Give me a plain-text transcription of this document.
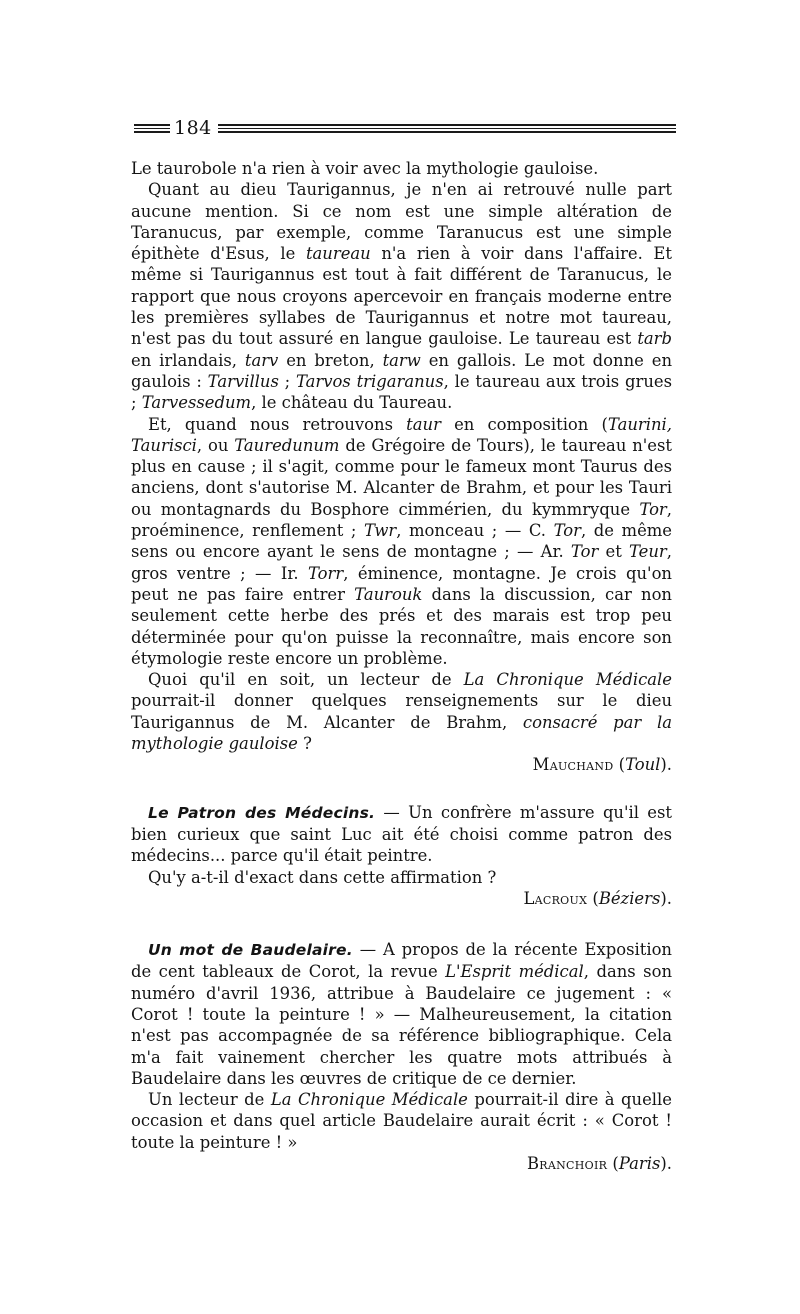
184

Le taurobole n'a rien à voir avec la mythologie gauloise.

Quant au dieu Taurigannus, je n'en ai retrouvé nulle part aucune mention. Si ce nom est une simple altération de Taranucus, par exemple, comme Taranucus est une simple épithète d'Esus, le taureau n'a rien à voir dans l'affaire. Et même si Taurigannus est tout à fait différent de Taranucus, le rapport que nous croyons apercevoir en français moderne entre les premières syllabes de Taurigannus et notre mot taureau, n'est pas du tout assuré en langue gauloise. Le taureau est tarb en irlandais, tarv en breton, tarw en gallois. Le mot donne en gaulois : Tarvillus ; Tarvos trigaranus, le taureau aux trois grues ; Tarvessedum, le château du Taureau.

Et, quand nous retrouvons taur en composition (Taurini, Taurisci, ou Tauredunum de Grégoire de Tours), le taureau n'est plus en cause ; il s'agit, comme pour le fameux mont Taurus des anciens, dont s'autorise M. Alcanter de Brahm, et pour les Tauri ou montagnards du Bosphore cimmérien, du kymmryque Tor, proéminence, renflement ; Twr, monceau ; — C. Tor, de même sens ou encore ayant le sens de montagne ; — Ar. Tor et Teur, gros ventre ; — Ir. Torr, éminence, montagne. Je crois qu'on peut ne pas faire entrer Taurouk dans la discussion, car non seulement cette herbe des prés et des marais est trop peu déterminée pour qu'on puisse la reconnaître, mais encore son étymologie reste encore un problème.

Quoi qu'il en soit, un lecteur de La Chronique Médicale pourrait-il donner quelques renseignements sur le dieu Taurigannus de M. Alcanter de Brahm, consacré par la mythologie gauloise ?

Mauchand (Toul).

Le Patron des Médecins. — Un confrère m'assure qu'il est bien curieux que saint Luc ait été choisi comme patron des médecins... parce qu'il était peintre.

Qu'y a-t-il d'exact dans cette affirmation ?

Lacroux (Béziers).

Un mot de Baudelaire. — A propos de la récente Exposition de cent tableaux de Corot, la revue L'Esprit médical, dans son numéro d'avril 1936, attribue à Baudelaire ce jugement : « Corot ! toute la peinture ! » — Malheureusement, la citation n'est pas accompagnée de sa référence bibliographique. Cela m'a fait vainement chercher les quatre mots attribués à Baudelaire dans les œuvres de critique de ce dernier.

Un lecteur de La Chronique Médicale pourrait-il dire à quelle occasion et dans quel article Baudelaire aurait écrit : « Corot ! toute la peinture ! »

Branchoir (Paris).
